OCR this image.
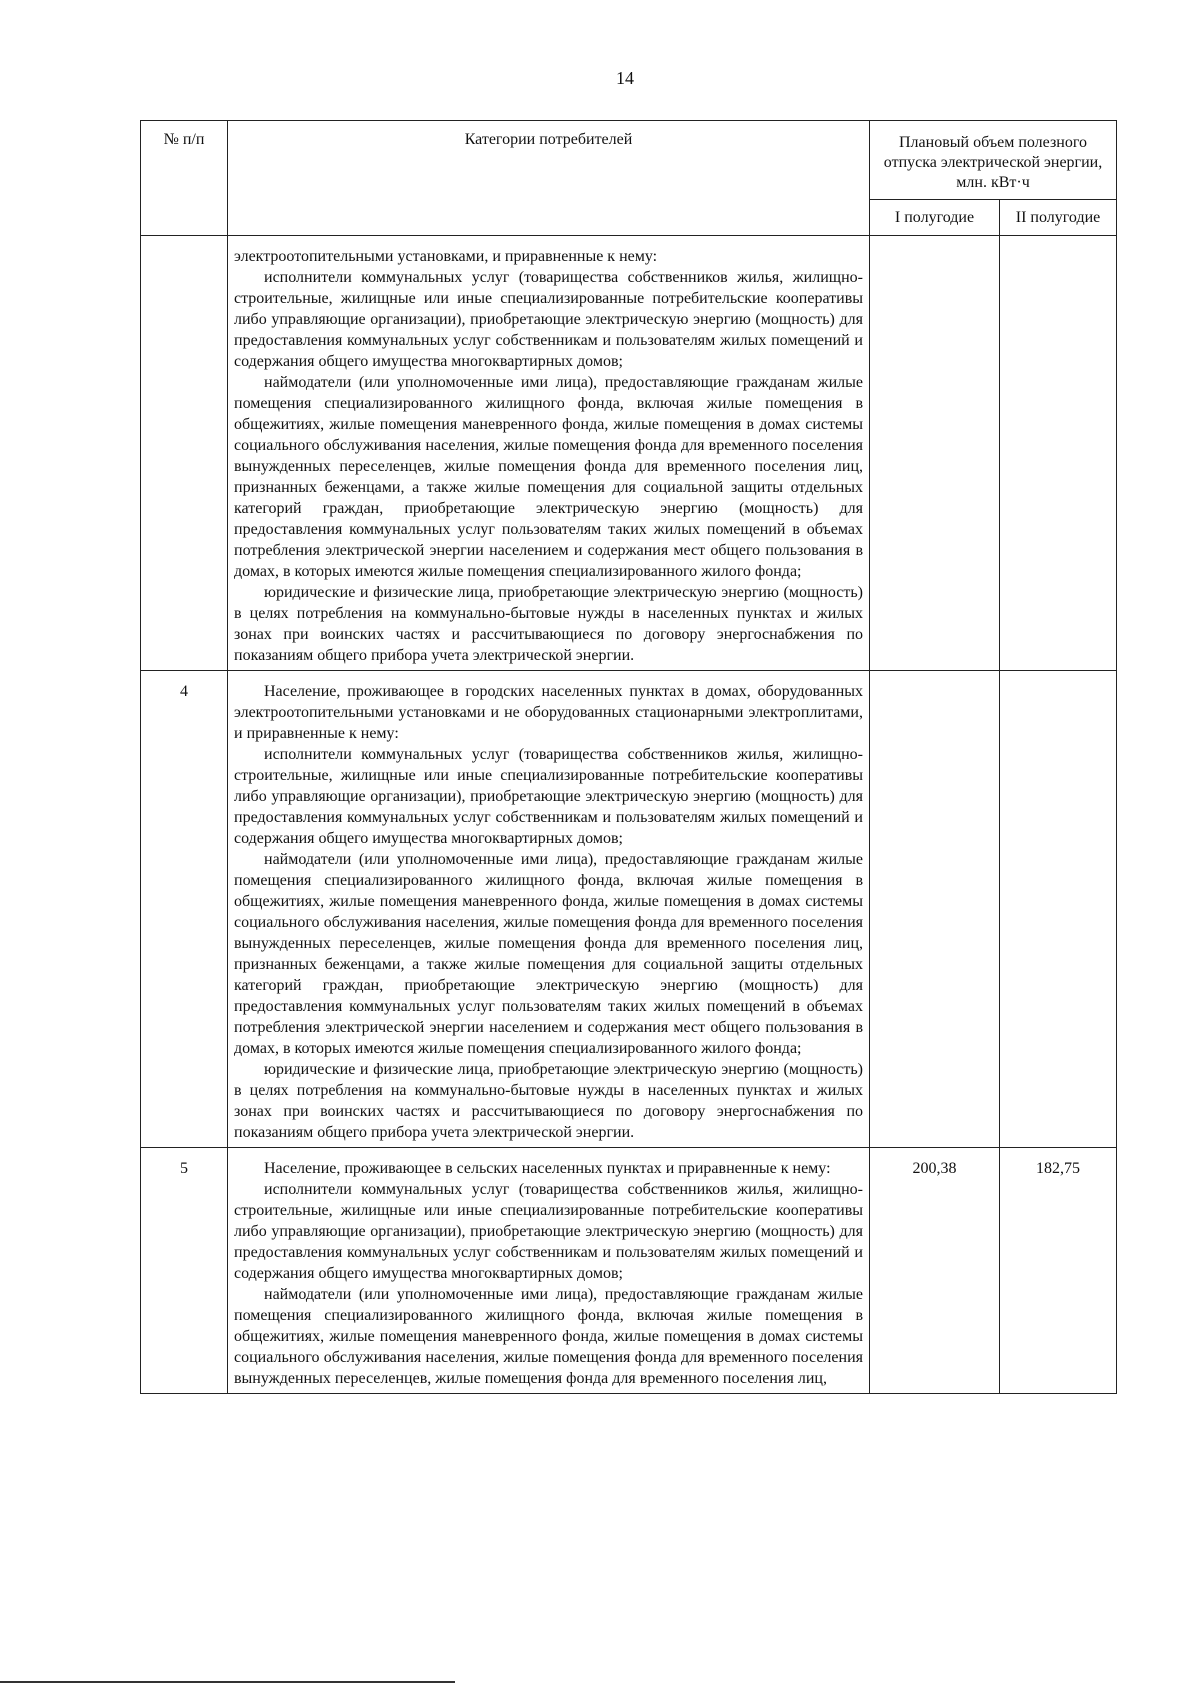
14
№ п/п	Категории потребителей	Плановый объем полезного отпуска электрической энергии, млн. кВт·ч	
		I полугодие	II полугодие

	электроотопительными установками, и приравненные к нему:

исполнители коммунальных услуг (товарищества собственников жилья, жилищно-строительные, жилищные или иные специализированные потребительские кооперативы либо управляющие организации), приобретающие электрическую энергию (мощность) для предоставления коммунальных услуг собственникам и пользователям жилых помещений и содержания общего имущества многоквартирных домов;

наймодатели (или уполномоченные ими лица), предоставляющие гражданам жилые помещения специализированного жилищного фонда, включая жилые помещения в общежитиях, жилые помещения маневренного фонда, жилые помещения в домах системы социального обслуживания населения, жилые помещения фонда для временного поселения вынужденных переселенцев, жилые помещения фонда для временного поселения лиц, признанных беженцами, а также жилые помещения для социальной защиты отдельных категорий граждан, приобретающие электрическую энергию (мощность) для предоставления коммунальных услуг пользователям таких жилых помещений в объемах потребления электрической энергии населением и содержания мест общего пользования в домах, в которых имеются жилые помещения специализированного жилого фонда;

юридические и физические лица, приобретающие электрическую энергию (мощность) в целях потребления на коммунально-бытовые нужды в населенных пунктах и жилых зонах при воинских частях и рассчитывающиеся по договору энергоснабжения по показаниям общего прибора учета электрической энергии.		

4	Население, проживающее в городских населенных пунктах в домах, оборудованных электроотопительными установками и не оборудованных стационарными электроплитами, и приравненные к нему:

исполнители коммунальных услуг (товарищества собственников жилья, жилищно-строительные, жилищные или иные специализированные потребительские кооперативы либо управляющие организации), приобретающие электрическую энергию (мощность) для предоставления коммунальных услуг собственникам и пользователям жилых помещений и содержания общего имущества многоквартирных домов;

наймодатели (или уполномоченные ими лица), предоставляющие гражданам жилые помещения специализированного жилищного фонда, включая жилые помещения в общежитиях, жилые помещения маневренного фонда, жилые помещения в домах системы социального обслуживания населения, жилые помещения фонда для временного поселения вынужденных переселенцев, жилые помещения фонда для временного поселения лиц, признанных беженцами, а также жилые помещения для социальной защиты отдельных категорий граждан, приобретающие электрическую энергию (мощность) для предоставления коммунальных услуг пользователям таких жилых помещений в объемах потребления электрической энергии населением и содержания мест общего пользования в домах, в которых имеются жилые помещения специализированного жилого фонда;

юридические и физические лица, приобретающие электрическую энергию (мощность) в целях потребления на коммунально-бытовые нужды в населенных пунктах и жилых зонах при воинских частях и рассчитывающиеся по договору энергоснабжения по показаниям общего прибора учета электрической энергии.		

5	Население, проживающее в сельских населенных пунктах и приравненные к нему:

исполнители коммунальных услуг (товарищества собственников жилья, жилищно-строительные, жилищные или иные специализированные потребительские кооперативы либо управляющие организации), приобретающие электрическую энергию (мощность) для предоставления коммунальных услуг собственникам и пользователям жилых помещений и содержания общего имущества многоквартирных домов;

наймодатели (или уполномоченные ими лица), предоставляющие гражданам жилые помещения специализированного жилищного фонда, включая жилые помещения в общежитиях, жилые помещения маневренного фонда, жилые помещения в домах системы социального обслуживания населения, жилые помещения фонда для временного поселения вынужденных переселенцев, жилые помещения фонда для временного поселения лиц,	200,38	182,75
